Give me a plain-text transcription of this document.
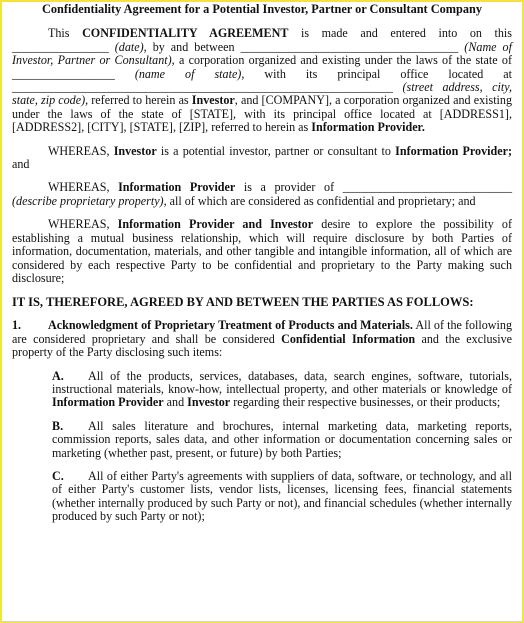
Confidentiality Agreement for a Potential Investor, Partner or Consultant Company

This CONFIDENTIALITY AGREEMENT is made and entered into on this ________________ (date), by and between ____________________________________ (Name of Investor, Partner or Consultant), a corporation organized and existing under the laws of the state of _________________ (name of state), with its principal office located at _______________________________________________________________ (street address, city, state, zip code), referred to herein as Investor, and [COMPANY], a corporation organized and existing under the laws of the state of [STATE], with its principal office located at [ADDRESS1], [ADDRESS2], [CITY], [STATE], [ZIP], referred to herein as Information Provider.

WHEREAS, Investor is a potential investor, partner or consultant to Information Provider; and

WHEREAS, Information Provider is a provider of ____________________________ (describe proprietary property), all of which are considered as confidential and proprietary; and

WHEREAS, Information Provider and Investor desire to explore the possibility of establishing a mutual business relationship, which will require disclosure by both Parties of information, documentation, materials, and other tangible and intangible information, all of which are considered by each respective Party to be confidential and proprietary to the Party making such disclosure;

IT IS, THEREFORE, AGREED BY AND BETWEEN THE PARTIES AS FOLLOWS:

1. Acknowledgment of Proprietary Treatment of Products and Materials. All of the following are considered proprietary and shall be considered Confidential Information and the exclusive property of the Party disclosing such items:

A. All of the products, services, databases, data, search engines, software, tutorials, instructional materials, know-how, intellectual property, and other materials or knowledge of Information Provider and Investor regarding their respective businesses, or their products;

B. All sales literature and brochures, internal marketing data, marketing reports, commission reports, sales data, and other information or documentation concerning sales or marketing (whether past, present, or future) by both Parties;

C. All of either Party's agreements with suppliers of data, software, or technology, and all of either Party's customer lists, vendor lists, licenses, licensing fees, financial statements (whether internally produced by such Party or not), and financial schedules (whether internally produced by such Party or not);
